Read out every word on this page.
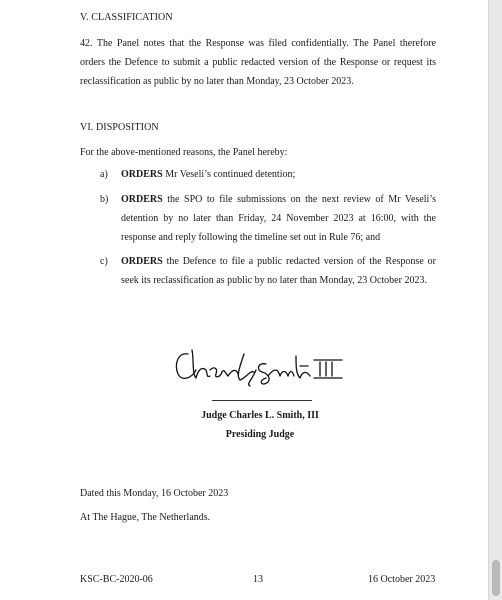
V. CLASSIFICATION
42. The Panel notes that the Response was filed confidentially. The Panel therefore orders the Defence to submit a public redacted version of the Response or request its reclassification as public by no later than Monday, 23 October 2023.
VI. DISPOSITION
For the above-mentioned reasons, the Panel hereby:
a) ORDERS Mr Veseli’s continued detention;
b) ORDERS the SPO to file submissions on the next review of Mr Veseli’s detention by no later than Friday, 24 November 2023 at 16:00, with the response and reply following the timeline set out in Rule 76; and
c) ORDERS the Defence to file a public redacted version of the Response or seek its reclassification as public by no later than Monday, 23 October 2023.
Judge Charles L. Smith, III
Presiding Judge
Dated this Monday, 16 October 2023
At The Hague, The Netherlands.
KSC-BC-2020-06	13	16 October 2023
